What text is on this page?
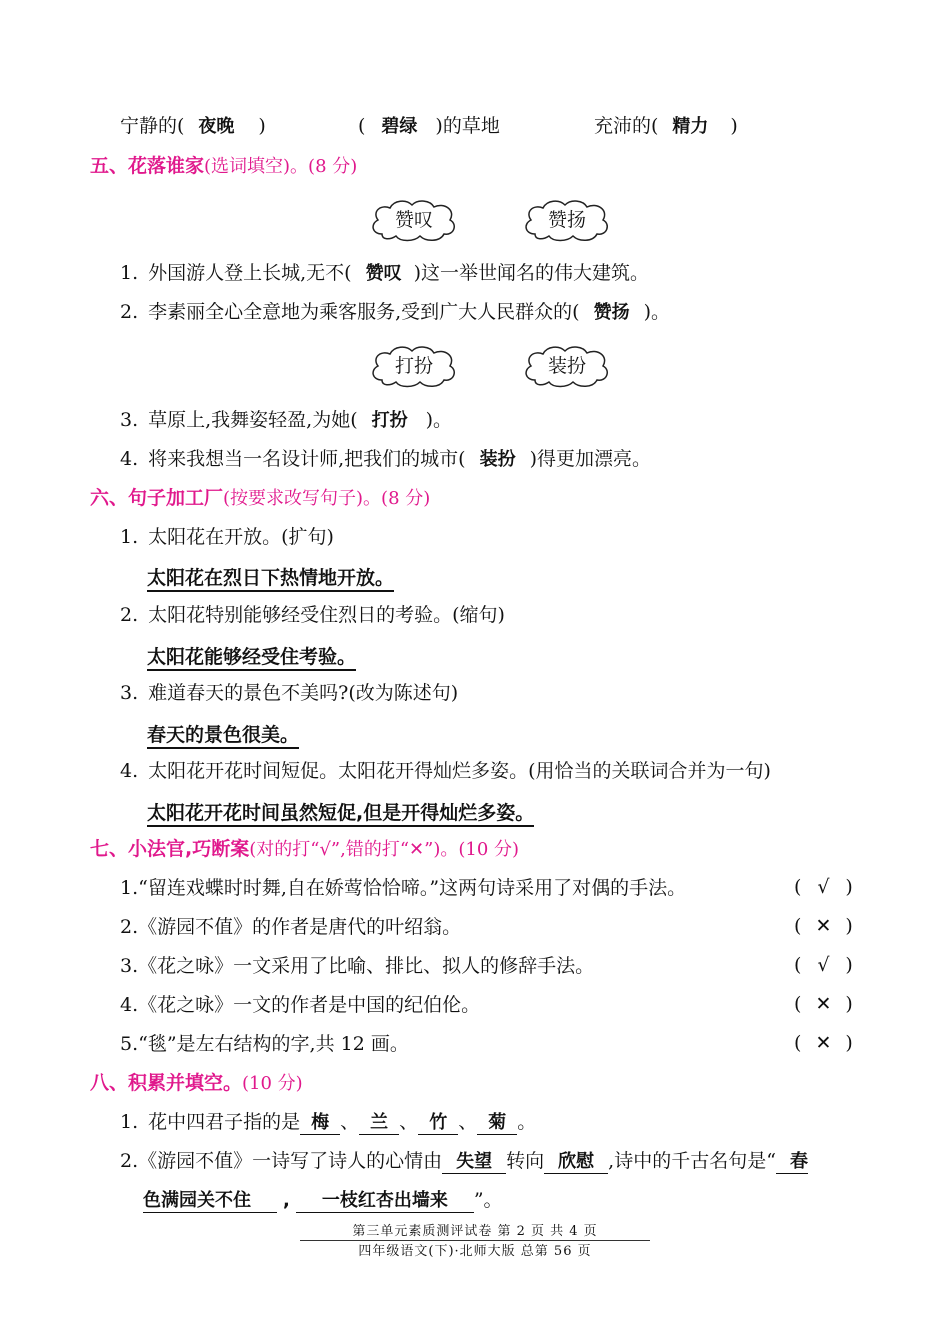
宁静的( 夜晚 )	( 碧绿 )的草地	充沛的( 精力 )
五、花落谁家(选词填空)。(8 分)
赞叹	赞扬
1. 外国游人登上长城,无不( 赞叹 )这一举世闻名的伟大建筑。
2. 李素丽全心全意地为乘客服务,受到广大人民群众的( 赞扬 )。
打扮	装扮
3. 草原上,我舞姿轻盈,为她( 打扮 )。
4. 将来我想当一名设计师,把我们的城市( 装扮 )得更加漂亮。
六、句子加工厂(按要求改写句子)。(8 分)
1. 太阳花在开放。(扩句)
太阳花在烈日下热情地开放。
2. 太阳花特别能够经受住烈日的考验。(缩句)
太阳花能够经受住考验。
3. 难道春天的景色不美吗?(改为陈述句)
春天的景色很美。
4. 太阳花开花时间短促。太阳花开得灿烂多姿。(用恰当的关联词合并为一句)
太阳花开花时间虽然短促,但是开得灿烂多姿。
七、小法官,巧断案(对的打“√”,错的打“✕”)。(10 分)
1.“留连戏蝶时时舞,自在娇莺恰恰啼。”这两句诗采用了对偶的手法。	( √ )
2.《游园不值》的作者是唐代的叶绍翁。	( ✕ )
3.《花之咏》一文采用了比喻、排比、拟人的修辞手法。	( √ )
4.《花之咏》一文的作者是中国的纪伯伦。	( ✕ )
5.“毯”是左右结构的字,共 12 画。	( ✕ )
八、积累并填空。(10 分)
1. 花中四君子指的是 梅 、 兰 、 竹 、 菊 。
2.《游园不值》一诗写了诗人的心情由 失望 转向 欣慰 ,诗中的千古名句是“ 春
色满园关不住 , 一枝红杏出墙来 ”。
第三单元素质测评试卷 第 2 页 共 4 页
四年级语文(下)·北师大版 总第 56 页
